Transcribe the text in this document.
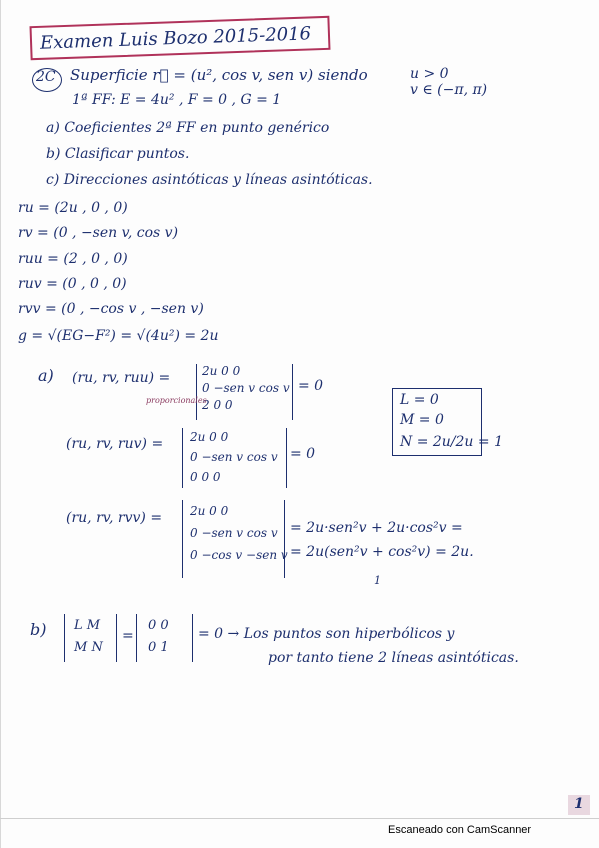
Examen Luis Bozo 2015-2016
2C Superficie r⃗ = (u², cos v, sen v) siendo	u > 0
v ∈ (−π, π)
1ª FF: E = 4u² , F = 0 , G = 1
a) Coeficientes 2ª FF en punto genérico
b) Clasificar puntos.
c) Direcciones asintóticas y líneas asintóticas.
ru = (2u , 0 , 0)
rv = (0 , −sen v, cos v)
ruu = (2 , 0 , 0)
ruv = (0 , 0 , 0)
rvv = (0 , −cos v , −sen v)
g = √(EG−F²) = √(4u²) = 2u
a) (ru, rv, ruu) =	2u 0 0
0 −sen v cos v
2 0 0
= 0
proporcionales	L = 0
M = 0
N = 2u/2u = 1
(ru, rv, ruv) = 2u 0 0
0 −sen v cos v
0 0 0
= 0
(ru, rv, rvv) = 2u 0 0
0 −sen v cos v
0 −cos v −sen v
= 2u·sen²v + 2u·cos²v =
= 2u(sen²v + cos²v) = 2u.
1
b) L M
M N
=
0 0
0 1
= 0 → Los puntos son hiperbólicos y
por tanto tiene 2 líneas asintóticas.
1
Escaneado con CamScanner
